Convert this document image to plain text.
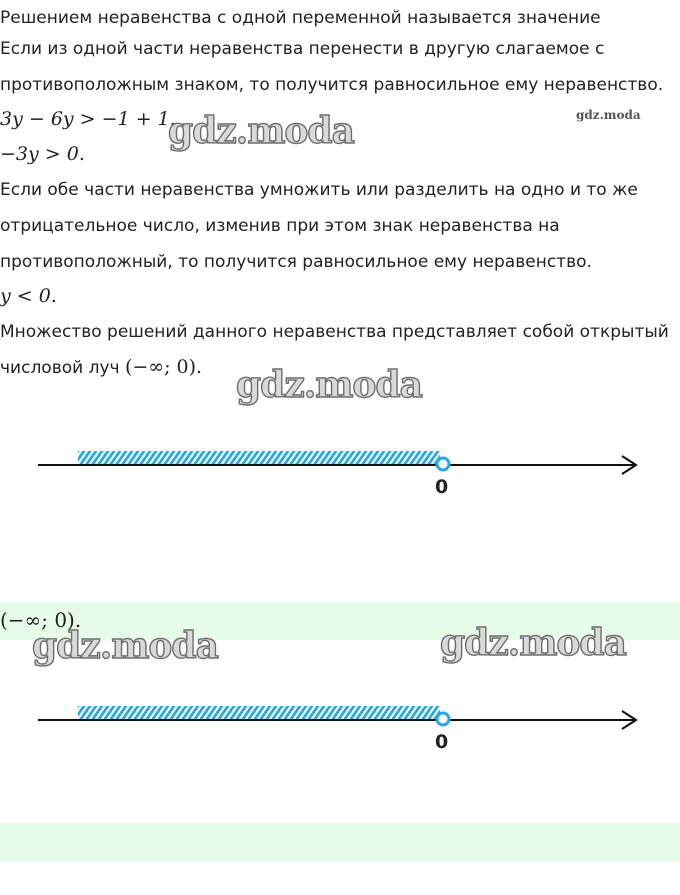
Решением неравенства с одной переменной называется значение
Если из одной части неравенства перенести в другую слагаемое с
противоположным знаком, то получится равносильное ему неравенство.
3y − 6y > −1 + 1.
−3y > 0.
Если обе части неравенства умножить или разделить на одно и то же
отрицательное число, изменив при этом знак неравенства на
противоположный, то получится равносильное ему неравенство.
y < 0.
Множество решений данного неравенства представляет собой открытый
числовой луч (−∞; 0).
gdz.moda	gdz.moda
gdz.moda
0
(−∞; 0).
gdz.moda	gdz.moda
0
